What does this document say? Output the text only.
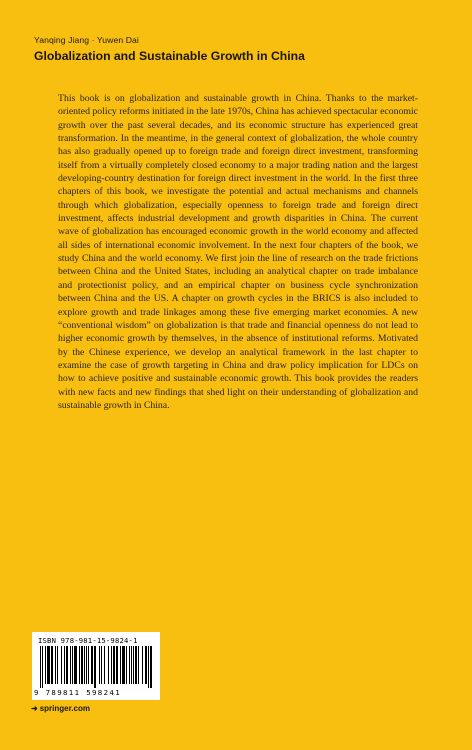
Yanqing Jiang · Yuwen Dai
Globalization and Sustainable Growth in China

This book is on globalization and sustainable growth in China. Thanks to the market-oriented policy reforms initiated in the late 1970s, China has achieved spectacular economic growth over the past several decades, and its economic structure has experienced great transformation. In the meantime, in the general context of globalization, the whole country has also gradually opened up to foreign trade and foreign direct investment, transforming itself from a virtually completely closed economy to a major trading nation and the largest developing-country destination for foreign direct investment in the world. In the first three chapters of this book, we investigate the potential and actual mechanisms and channels through which globalization, especially openness to foreign trade and foreign direct investment, affects industrial development and growth disparities in China. The current wave of globalization has encouraged economic growth in the world economy and affected all sides of international economic involvement. In the next four chapters of the book, we study China and the world economy. We first join the line of research on the trade frictions between China and the United States, including an analytical chapter on trade imbalance and protectionist policy, and an empirical chapter on business cycle synchronization between China and the US. A chapter on growth cycles in the BRICS is also included to explore growth and trade linkages among these five emerging market economies. A new “conventional wisdom” on globalization is that trade and financial openness do not lead to higher economic growth by themselves, in the absence of institutional reforms. Motivated by the Chinese experience, we develop an analytical framework in the last chapter to examine the case of growth targeting in China and draw policy implication for LDCs on how to achieve positive and sustainable economic growth. This book provides the readers with new facts and new findings that shed light on their understanding of globalization and sustainable growth in China.

ISBN 978-981-15-9824-1
9 789811 598241
➜ springer.com
